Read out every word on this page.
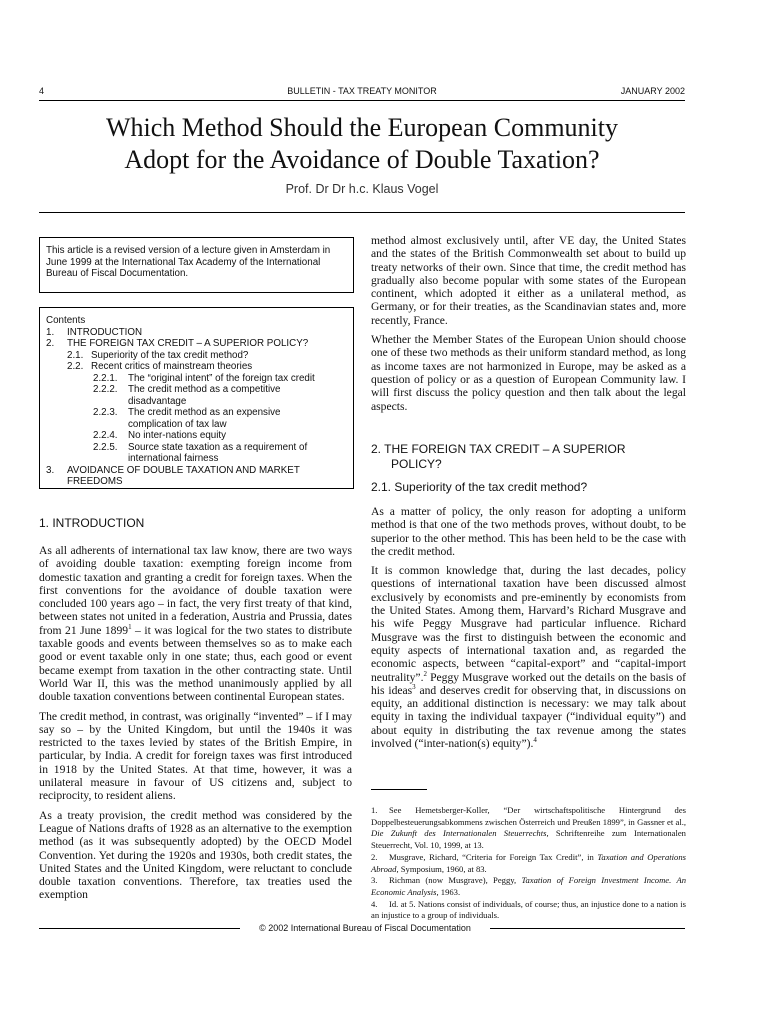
4	BULLETIN - TAX TREATY MONITOR	JANUARY 2002
Which Method Should the European Community
Adopt for the Avoidance of Double Taxation?
Prof. Dr Dr h.c. Klaus Vogel
This article is a revised version of a lecture given in Amsterdam in June 1999 at the International Tax Academy of the International Bureau of Fiscal Documentation.
Contents
1. INTRODUCTION
2. THE FOREIGN TAX CREDIT – A SUPERIOR POLICY?
2.1. Superiority of the tax credit method?
2.2. Recent critics of mainstream theories
2.2.1. The “original intent” of the foreign tax credit
2.2.2. The credit method as a competitive
disadvantage
2.2.3. The credit method as an expensive
complication of tax law
2.2.4. No inter-nations equity
2.2.5. Source state taxation as a requirement of
international fairness
3. AVOIDANCE OF DOUBLE TAXATION AND MARKET
FREEDOMS
1. INTRODUCTION

As all adherents of international tax law know, there are two ways of avoiding double taxation: exempting foreign income from domestic taxation and granting a credit for foreign taxes. When the first conventions for the avoidance of double taxation were concluded 100 years ago – in fact, the very first treaty of that kind, between states not united in a federation, Austria and Prussia, dates from 21 June 1899$^1$ – it was logical for the two states to distribute taxable goods and events between themselves so as to make each good or event taxable only in one state; thus, each good or event became exempt from taxation in the other contracting state. Until World War II, this was the method unanimously applied by all double taxation conventions between continental European states.

The credit method, in contrast, was originally “invented” – if I may say so – by the United Kingdom, but until the 1940s it was restricted to the taxes levied by states of the British Empire, in particular, by India. A credit for foreign taxes was first introduced in 1918 by the United States. At that time, however, it was a unilateral measure in favour of US citizens and, subject to reciprocity, to resident aliens.

As a treaty provision, the credit method was considered by the League of Nations drafts of 1928 as an alternative to the exemption method (as it was subsequently adopted) by the OECD Model Convention. Yet during the 1920s and 1930s, both credit states, the United States and the United Kingdom, were reluctant to conclude double taxation conventions. Therefore, tax treaties used the exemption

method almost exclusively until, after VE day, the United States and the states of the British Commonwealth set about to build up treaty networks of their own. Since that time, the credit method has gradually also become popular with some states of the European continent, which adopted it either as a unilateral method, as Germany, or for their treaties, as the Scandinavian states and, more recently, France.

Whether the Member States of the European Union should choose one of these two methods as their uniform standard method, as long as income taxes are not harmonized in Europe, may be asked as a question of policy or as a question of European Community law. I will first discuss the policy question and then talk about the legal aspects.

2. THE FOREIGN TAX CREDIT – A SUPERIOR
POLICY?
2.1. Superiority of the tax credit method?

As a matter of policy, the only reason for adopting a uniform method is that one of the two methods proves, without doubt, to be superior to the other method. This has been held to be the case with the credit method.

It is common knowledge that, during the last decades, policy questions of international taxation have been discussed almost exclusively by economists and pre-eminently by economists from the United States. Among them, Harvard’s Richard Musgrave and his wife Peggy Musgrave had particular influence. Richard Musgrave was the first to distinguish between the economic and equity aspects of international taxation and, as regarded the economic aspects, between “capital-export” and “capital-import neutrality”.$^2$ Peggy Musgrave worked out the details on the basis of his ideas$^3$ and deserves credit for observing that, in discussions on equity, an additional distinction is necessary: we may talk about equity in taxing the individual taxpayer (“individual equity”) and about equity in distributing the tax revenue among the states involved (“inter-nation(s) equity”).$^4$

1. See Hemetsberger-Koller, “Der wirtschaftspolitische Hintergrund des Doppelbesteuerungsabkommens zwischen Österreich und Preußen 1899”, in Gassner et al., Die Zukunft des Internationalen Steuerrechts, Schriftenreihe zum Internationalen Steuerrecht, Vol. 10, 1999, at 13.

2. Musgrave, Richard, “Criteria for Foreign Tax Credit”, in Taxation and Operations Abroad, Symposium, 1960, at 83.

3. Richman (now Musgrave), Peggy, Taxation of Foreign Investment Income. An Economic Analysis, 1963.

4. Id. at 5. Nations consist of individuals, of course; thus, an injustice done to a nation is an injustice to a group of individuals.

© 2002 International Bureau of Fiscal Documentation
